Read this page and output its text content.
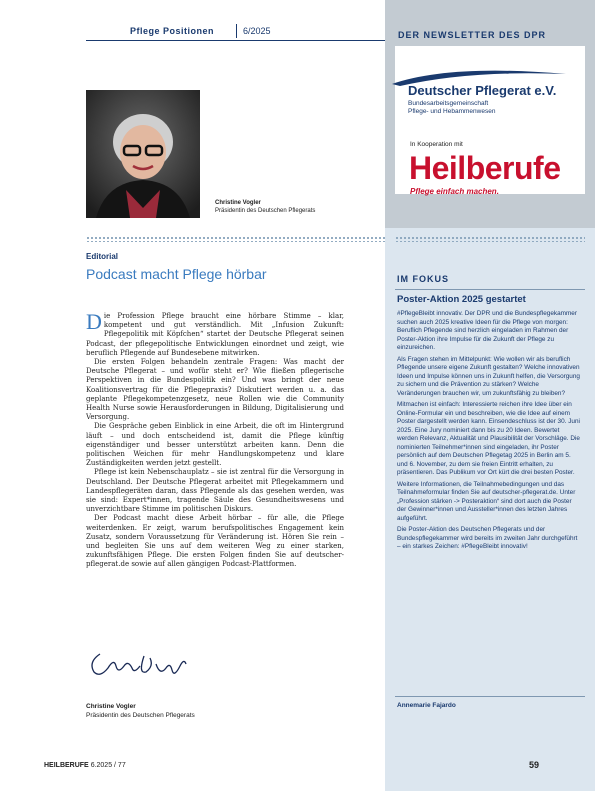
Pflege Positionen	6/2025	DER NEWSLETTER DES DPR
Deutscher Pflegerat e.V.
Bundesarbeitsgemeinschaft
Pflege- und Hebammenwesen
In Kooperation mit
Heilberufe
Pflege einfach machen.
Christine Vogler
Präsidentin des Deutschen Pflegerats
IM FOKUS
Poster-Aktion 2025 gestartet

#PflegeBleibt innovativ. Der DPR und die Bundespflegekammer suchen auch 2025 kreative Ideen für die Pflege von morgen: Beruflich Pflegende sind herzlich eingeladen im Rahmen der Poster-Aktion ihre Impulse für die Zukunft der Pflege zu einzureichen.

Als Fragen stehen im Mittelpunkt: Wie wollen wir als beruflich Pflegende unsere eigene Zukunft gestalten? Welche innovativen Ideen und Impulse können uns in Zukunft helfen, die Versorgung zu sichern und die Prävention zu stärken? Welche Veränderungen brauchen wir, um zukunftsfähig zu bleiben?

Mitmachen ist einfach: Interessierte reichen ihre Idee über ein Online-Formular ein und beschreiben, wie die Idee auf einem Poster dargestellt werden kann. Einsendeschluss ist der 30. Juni 2025. Eine Jury nominiert dann bis zu 20 Ideen. Bewertet werden Relevanz, Aktualität und Plausibilität der Vorschläge. Die nominierten Teilnehmer*innen sind eingeladen, ihr Poster persönlich auf dem Deutschen Pflegetag 2025 in Berlin am 5. und 6. November, zu dem sie freien Eintritt erhalten, zu präsentieren. Das Publikum vor Ort kürt die drei besten Poster.

Weitere Informationen, die Teilnahmebedingungen und das Teilnahmeformular finden Sie auf deutscher-pflegerat.de. Unter „Profession stärken -> Posteraktion“ sind dort auch die Poster der Gewinner*innen und Aussteller*innen des letzten Jahres aufgeführt.

Die Poster-Aktion des Deutschen Pflegerats und der Bundespflegekammer wird bereits im zweiten Jahr durchgeführt – ein starkes Zeichen: #PflegeBleibt innovativ!

Annemarie Fajardo
Editorial
Podcast macht Pflege hörbar

Die Profession Pflege braucht eine hörbare Stimme – klar, kompetent und gut verständlich. Mit „Infusion Zukunft: Pflegepolitik mit Köpfchen“ startet der Deutsche Pflegerat seinen Podcast, der pflegepolitische Entwicklungen einordnet und zeigt, wie beruflich Pflegende auf Bundesebene mitwirken.

Die ersten Folgen behandeln zentrale Fragen: Was macht der Deutsche Pflegerat – und wofür steht er? Wie fließen pflegerische Perspektiven in die Bundespolitik ein? Und was bringt der neue Koalitionsvertrag für die Pflegepraxis? Diskutiert werden u. a. das geplante Pflegekompetenzgesetz, neue Rollen wie die Community Health Nurse sowie Herausforderungen in Bildung, Digitalisierung und Versorgung.

Die Gespräche geben Einblick in eine Arbeit, die oft im Hintergrund läuft – und doch entscheidend ist, damit die Pflege künftig eigenständiger und besser unterstützt arbeiten kann. Denn die politischen Weichen für mehr Handlungskompetenz und klare Zuständigkeiten werden jetzt gestellt.

Pflege ist kein Nebenschauplatz – sie ist zentral für die Versorgung in Deutschland. Der Deutsche Pflegerat arbeitet mit Pflegekammern und Landespflegeräten daran, dass Pflegende als das gesehen werden, was sie sind: Expert*innen, tragende Säule des Gesundheitswesens und unverzichtbare Stimme im politischen Diskurs.

Der Podcast macht diese Arbeit hörbar – für alle, die Pflege weiterdenken. Er zeigt, warum berufspolitisches Engagement kein Zusatz, sondern Voraussetzung für Veränderung ist. Hören Sie rein – und begleiten Sie uns auf dem weiteren Weg zu einer starken, zukunftsfähigen Pflege. Die ersten Folgen finden Sie auf deutscher-pflegerat.de sowie auf allen gängigen Podcast-Plattformen.

Christine Vogler
Präsidentin des Deutschen Pflegerats
HEILBERUFE 6.2025 / 77	59
